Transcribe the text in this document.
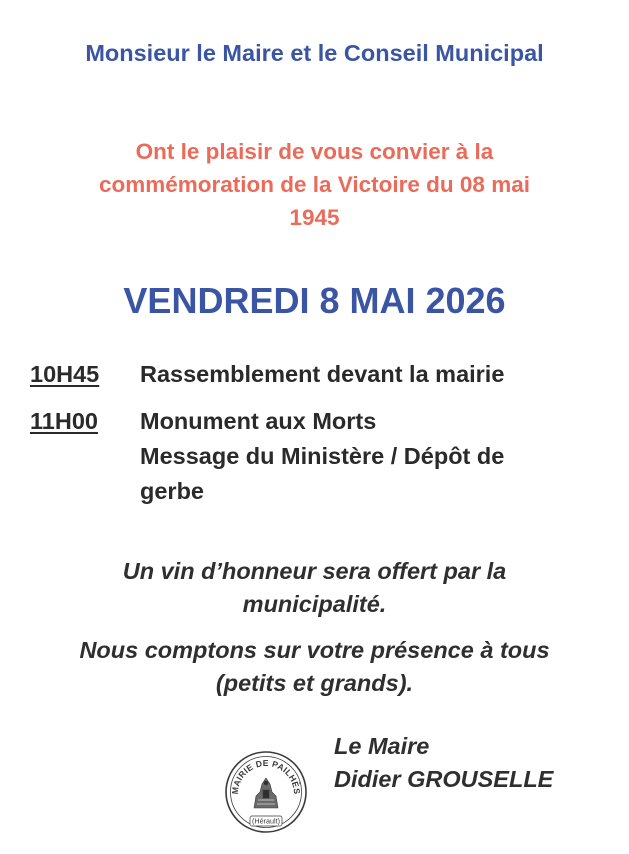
Monsieur le Maire et le Conseil Municipal

Ont le plaisir de vous convier à la
commémoration de la Victoire du 08 mai
1945

VENDREDI 8 MAI 2026
10H45	Rassemblement devant la mairie
11H00	Monument aux Morts
Message du Ministère / Dépôt de
gerbe

Un vin d’honneur sera offert par la
municipalité.

Nous comptons sur votre présence à tous
(petits et grands).

MAIRIE DE PAILHÈS
(Hérault)
Le Maire
Didier GROUSELLE
